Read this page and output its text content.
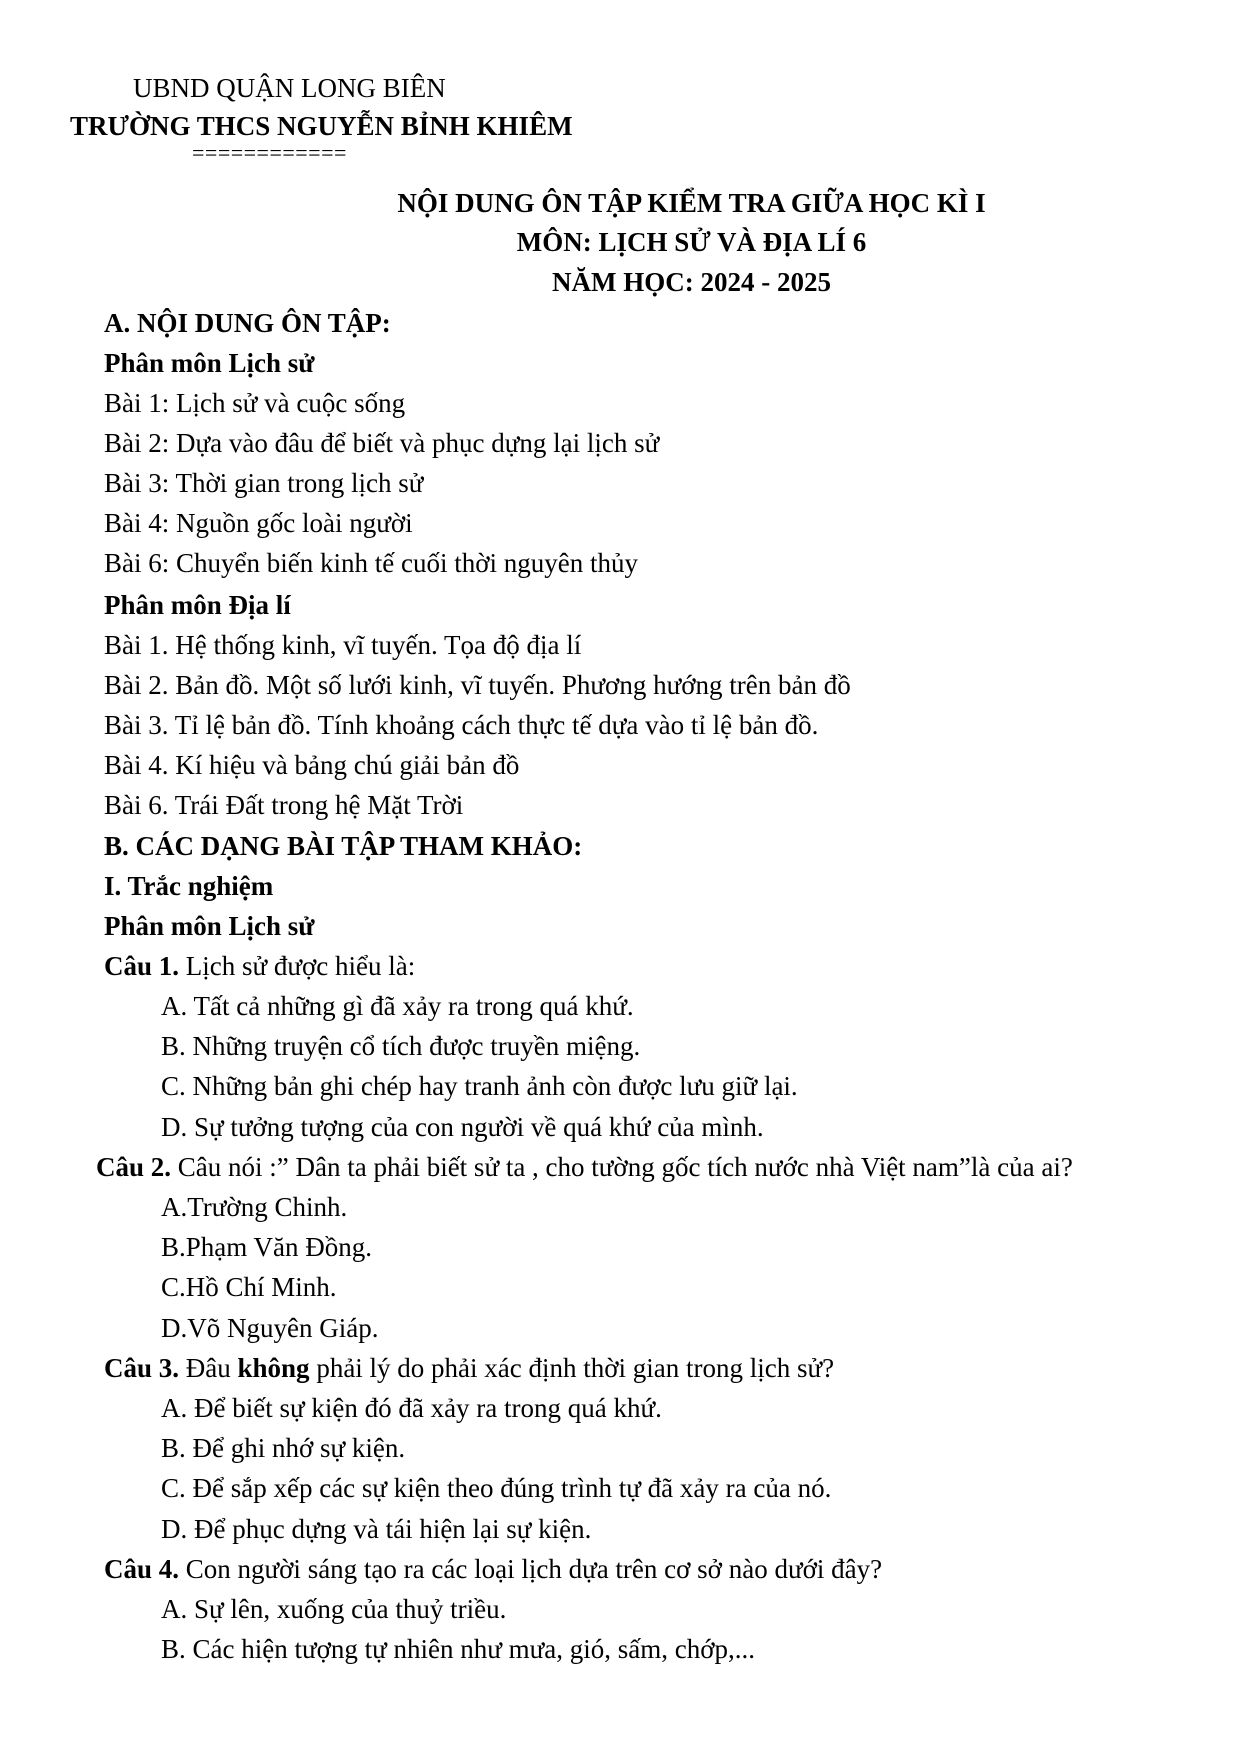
UBND QUẬN LONG BIÊN
TRƯỜNG THCS NGUYỄN BỈNH KHIÊM
============
NỘI DUNG ÔN TẬP KIỂM TRA GIỮA HỌC KÌ I
MÔN: LỊCH SỬ VÀ ĐỊA LÍ 6
NĂM HỌC: 2024 - 2025
A. NỘI DUNG ÔN TẬP:
Phân môn Lịch sử
Bài 1: Lịch sử và cuộc sống
Bài 2: Dựa vào đâu để biết và phục dựng lại lịch sử
Bài 3: Thời gian trong lịch sử
Bài 4: Nguồn gốc loài người
Bài 6: Chuyển biến kinh tế cuối thời nguyên thủy
Phân môn Địa lí
Bài 1. Hệ thống kinh, vĩ tuyến. Tọa độ địa lí
Bài 2. Bản đồ. Một số lưới kinh, vĩ tuyến. Phương hướng trên bản đồ
Bài 3. Tỉ lệ bản đồ. Tính khoảng cách thực tế dựa vào tỉ lệ bản đồ.
Bài 4. Kí hiệu và bảng chú giải bản đồ
Bài 6. Trái Đất trong hệ Mặt Trời
B. CÁC DẠNG BÀI TẬP THAM KHẢO:
I. Trắc nghiệm
Phân môn Lịch sử
Câu 1. Lịch sử được hiểu là:
A. Tất cả những gì đã xảy ra trong quá khứ.
B. Những truyện cổ tích được truyền miệng.
C. Những bản ghi chép hay tranh ảnh còn được lưu giữ lại.
D. Sự tưởng tượng của con người về quá khứ của mình.
Câu 2. Câu nói :” Dân ta phải biết sử ta , cho tường gốc tích nước nhà Việt nam”là của ai?
A.Trường Chinh.
B.Phạm Văn Đồng.
C.Hồ Chí Minh.
D.Võ Nguyên Giáp.
Câu 3. Đâu không phải lý do phải xác định thời gian trong lịch sử?
A. Để biết sự kiện đó đã xảy ra trong quá khứ.
B. Để ghi nhớ sự kiện.
C. Để sắp xếp các sự kiện theo đúng trình tự đã xảy ra của nó.
D. Để phục dựng và tái hiện lại sự kiện.
Câu 4. Con người sáng tạo ra các loại lịch dựa trên cơ sở nào dưới đây?
A. Sự lên, xuống của thuỷ triều.
B. Các hiện tượng tự nhiên như mưa, gió, sấm, chớp,...
